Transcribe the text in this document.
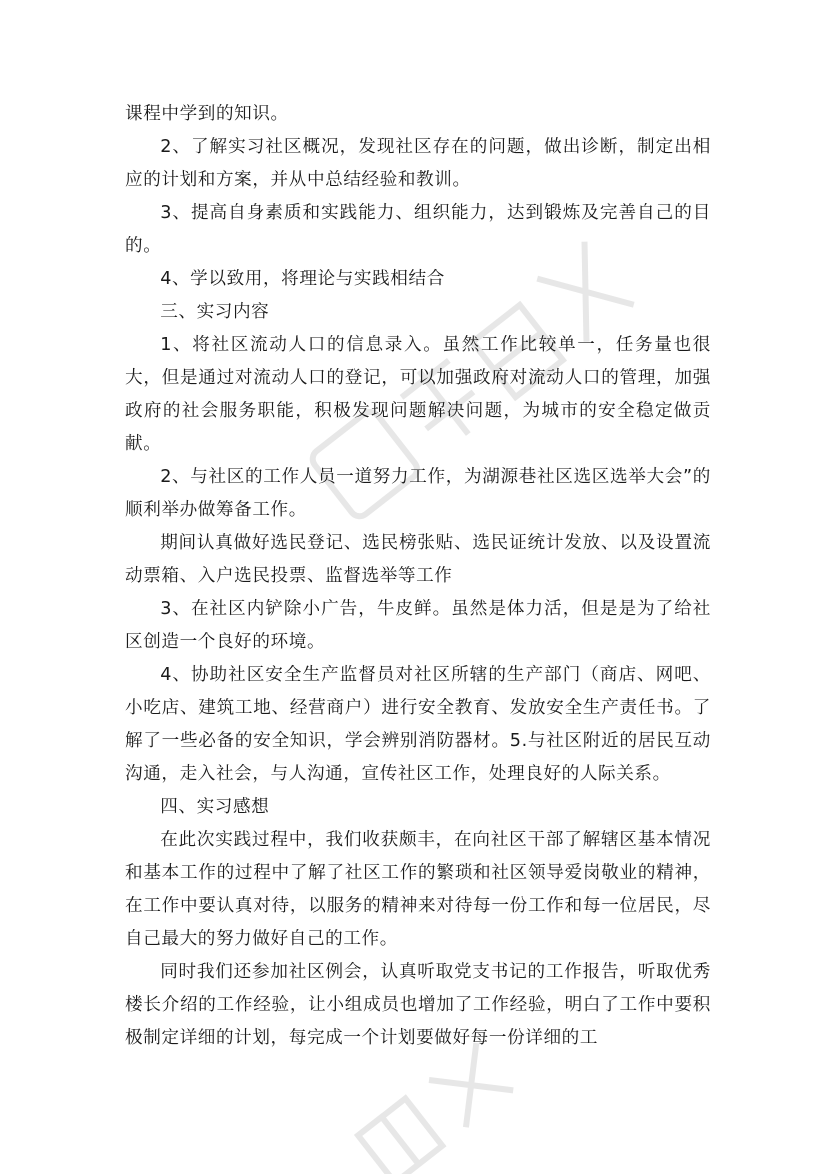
课程中学到的知识。

2、了解实习社区概况，发现社区存在的问题，做出诊断，制定出相应的计划和方案，并从中总结经验和教训。

3、提高自身素质和实践能力、组织能力，达到锻炼及完善自己的目的。

4、学以致用，将理论与实践相结合

三、实习内容

1、将社区流动人口的信息录入。虽然工作比较单一，任务量也很大，但是通过对流动人口的登记，可以加强政府对流动人口的管理，加强政府的社会服务职能，积极发现问题解决问题，为城市的安全稳定做贡献。

2、与社区的工作人员一道努力工作，为湖源巷社区选区选举大会”的顺利举办做筹备工作。

期间认真做好选民登记、选民榜张贴、选民证统计发放、以及设置流动票箱、入户选民投票、监督选举等工作

3、在社区内铲除小广告，牛皮鲜。虽然是体力活，但是是为了给社区创造一个良好的环境。

4、协助社区安全生产监督员对社区所辖的生产部门（商店、网吧、小吃店、建筑工地、经营商户）进行安全教育、发放安全生产责任书。了解了一些必备的安全知识，学会辨别消防器材。5.与社区附近的居民互动沟通，走入社会，与人沟通，宣传社区工作，处理良好的人际关系。

四、实习感想

在此次实践过程中，我们收获颇丰，在向社区干部了解辖区基本情况和基本工作的过程中了解了社区工作的繁琐和社区领导爱岗敬业的精神，在工作中要认真对待，以服务的精神来对待每一份工作和每一位居民，尽自己最大的努力做好自己的工作。

同时我们还参加社区例会，认真听取党支书记的工作报告，听取优秀楼长介绍的工作经验，让小组成员也增加了工作经验，明白了工作中要积极制定详细的计划，每完成一个计划要做好每一份详细的工
